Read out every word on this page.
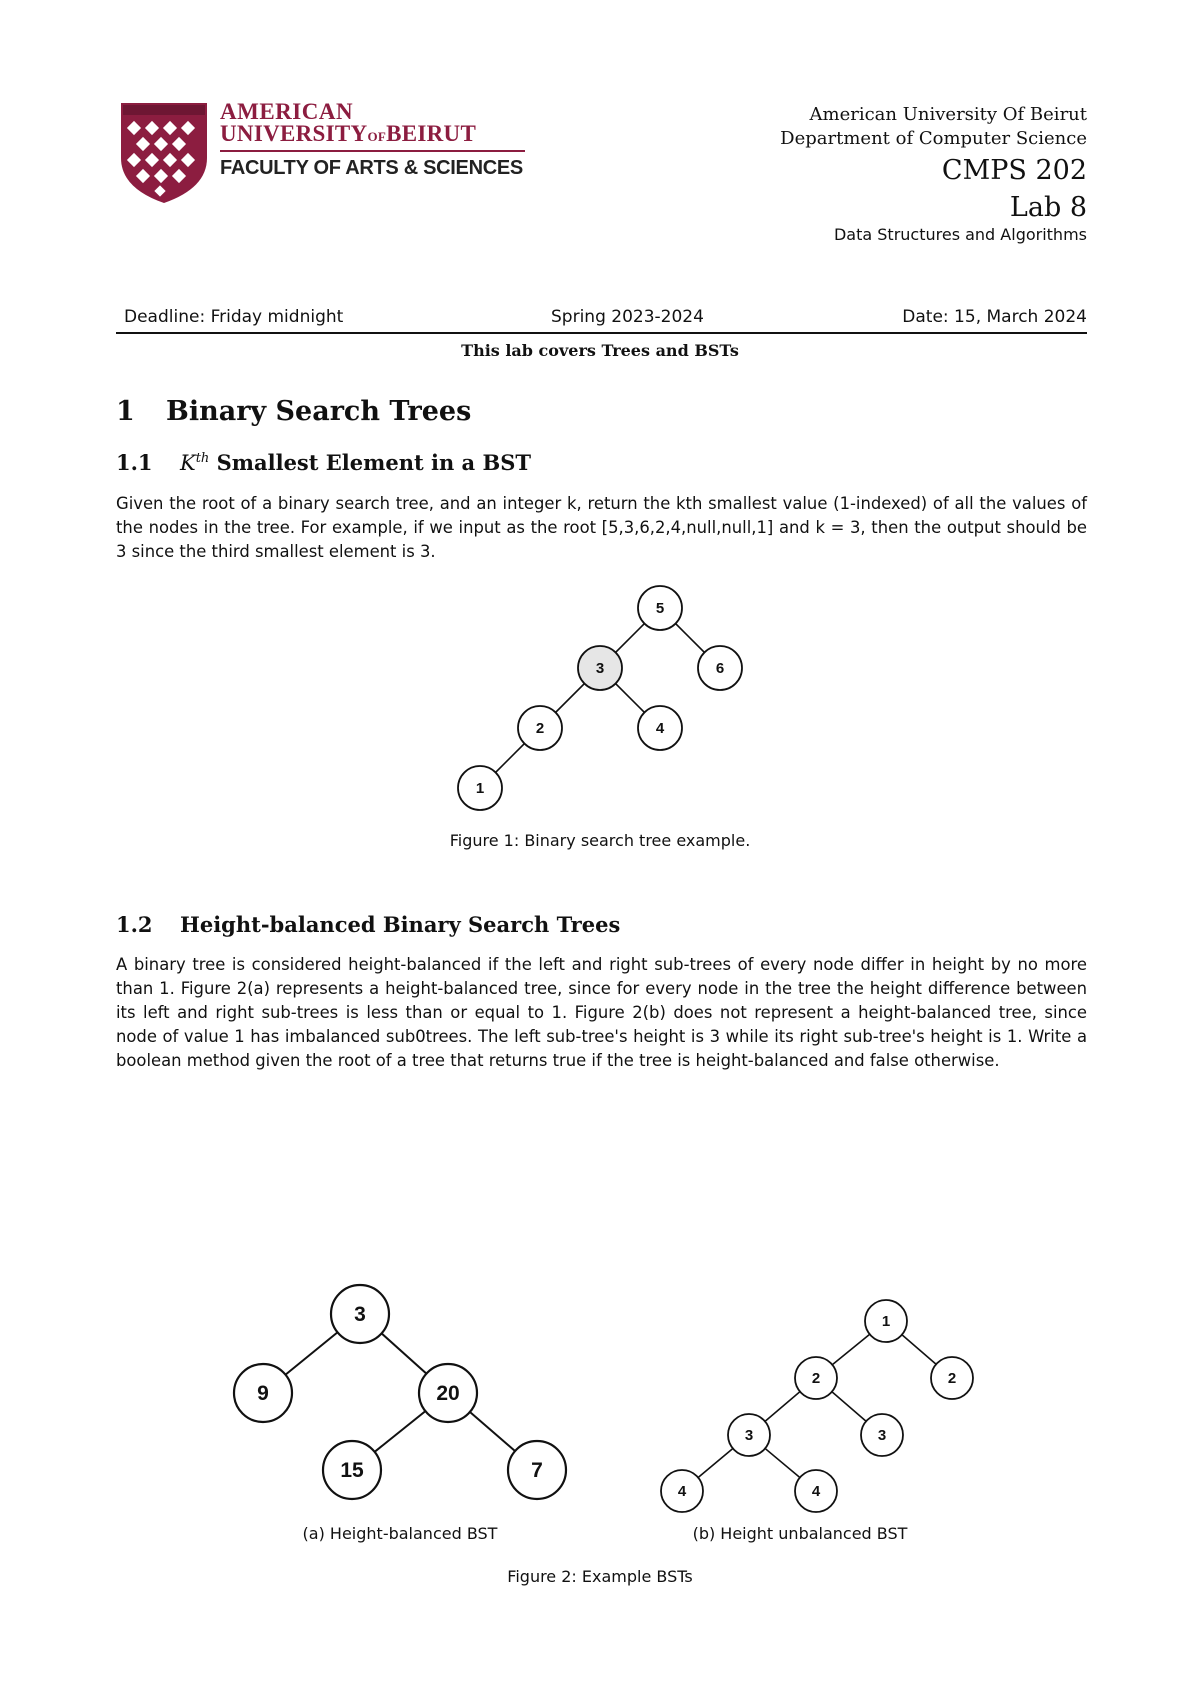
AMERICAN
UNIVERSITYOFBEIRUT
FACULTY OF ARTS & SCIENCES
American University Of Beirut
Department of Computer Science
CMPS 202
Lab 8
Data Structures and Algorithms
Deadline: Friday midnight	Spring 2023-2024	Date: 15, March 2024
This lab covers Trees and BSTs
1 Binary Search Trees
1.1 $K^{th}$ Smallest Element in a BST
Given the root of a binary search tree, and an integer k, return the kth smallest value (1-indexed) of all the values of the nodes in the tree. For example, if we input as the root [5,3,6,2,4,null,null,1] and k = 3, then the output should be 3 since the third smallest element is 3.
5
3	6
2	4
1
Figure 1: Binary search tree example.
1.2 Height-balanced Binary Search Trees
A binary tree is considered height-balanced if the left and right sub-trees of every node differ in height by no more than 1. Figure 2(a) represents a height-balanced tree, since for every node in the tree the height difference between its left and right sub-trees is less than or equal to 1. Figure 2(b) does not represent a height-balanced tree, since node of value 1 has imbalanced sub0trees. The left sub-tree's height is 3 while its right sub-tree's height is 1. Write a boolean method given the root of a tree that returns true if the tree is height-balanced and false otherwise.
3
9	20
15	7
(a) Height-balanced BST
1
2	2
3	3
4	4
(b) Height unbalanced BST
Figure 2: Example BSTs
